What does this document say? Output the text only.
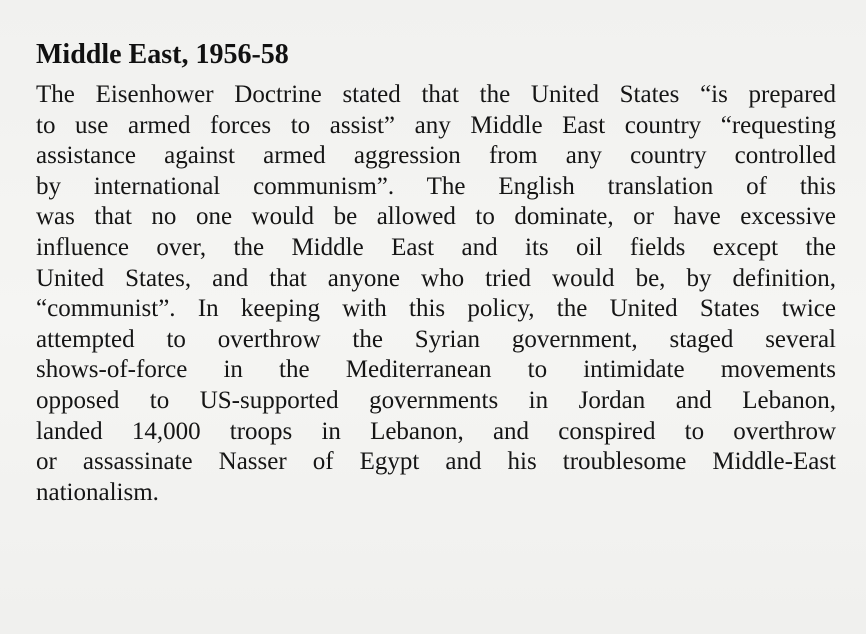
Middle East, 1956-58
The Eisenhower Doctrine stated that the United States “is prepared
to use armed forces to assist” any Middle East country “requesting
assistance against armed aggression from any country controlled
by international communism”. The English translation of this
was that no one would be allowed to dominate, or have excessive
influence over, the Middle East and its oil fields except the
United States, and that anyone who tried would be, by definition,
“communist”. In keeping with this policy, the United States twice
attempted to overthrow the Syrian government, staged several
shows-of-force in the Mediterranean to intimidate movements
opposed to US-supported governments in Jordan and Lebanon,
landed 14,000 troops in Lebanon, and conspired to overthrow
or assassinate Nasser of Egypt and his troublesome Middle-East
nationalism.
